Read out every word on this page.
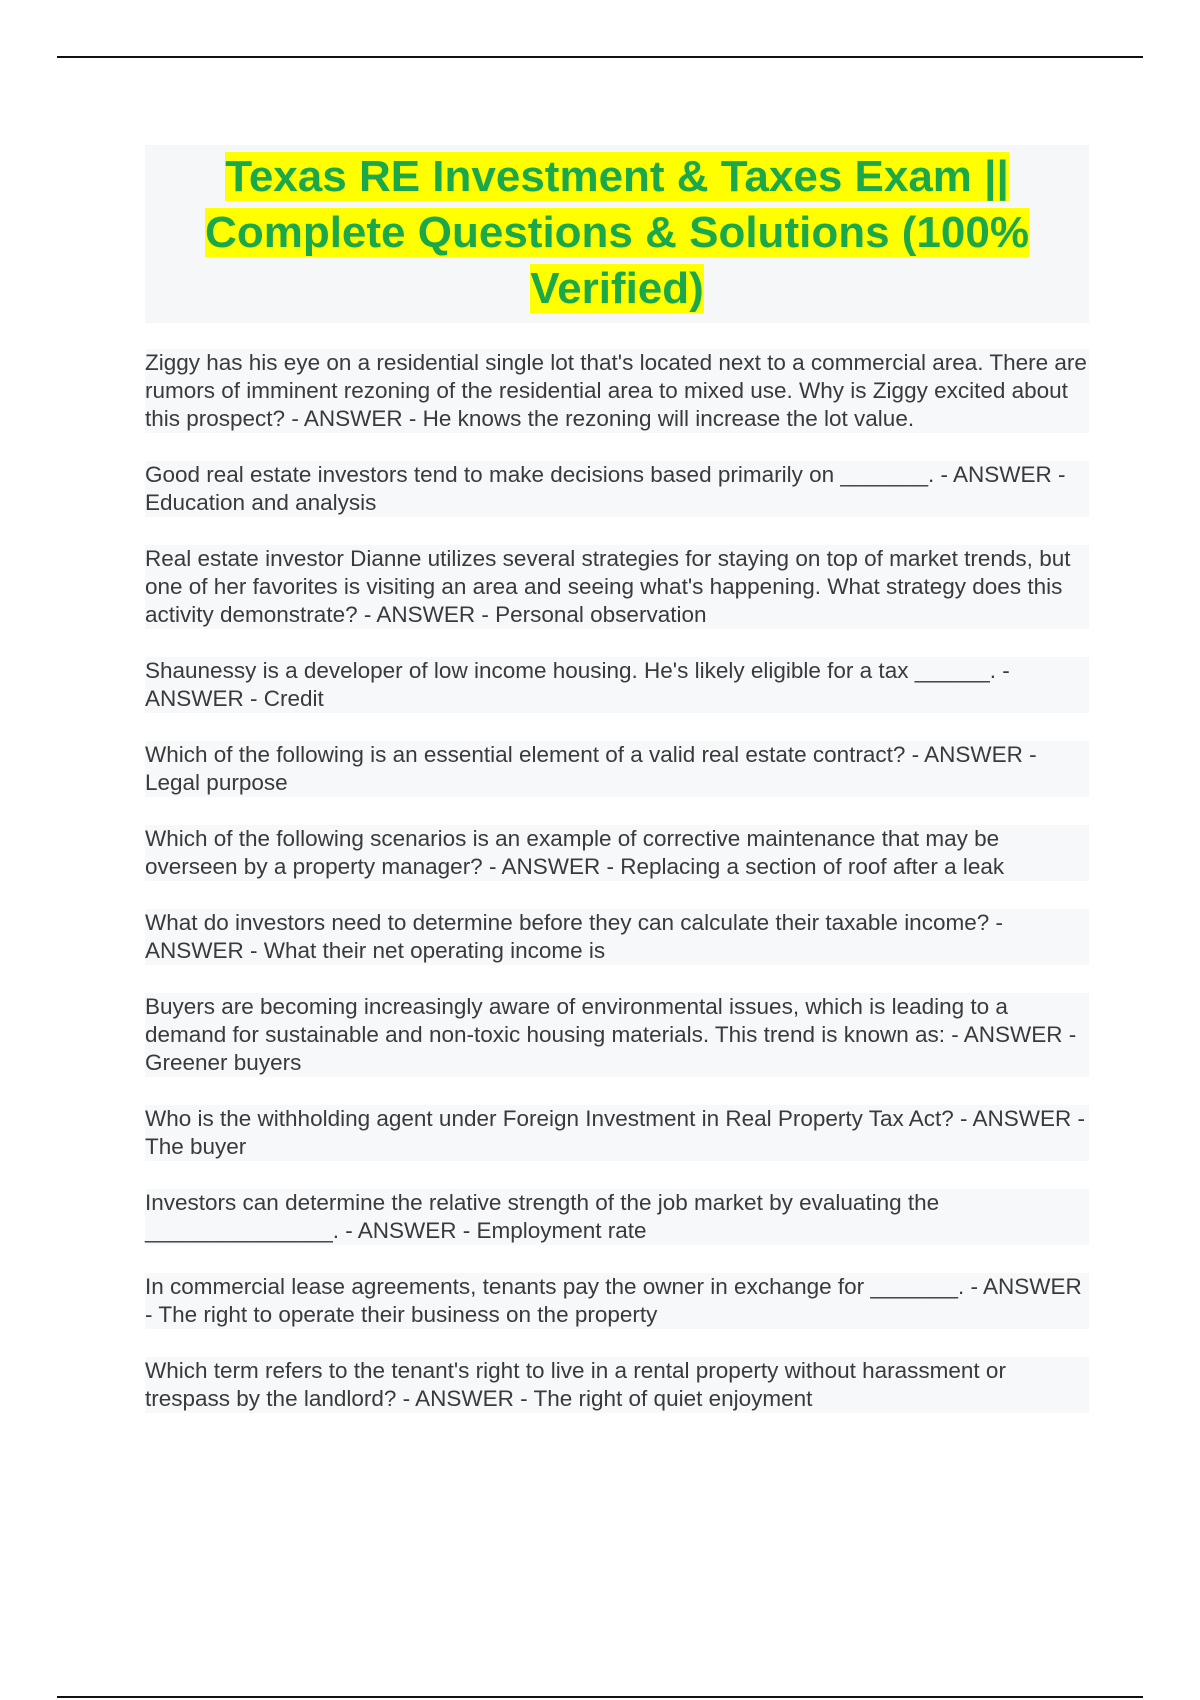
Texas RE Investment & Taxes Exam || Complete Questions & Solutions (100% Verified)

Ziggy has his eye on a residential single lot that's located next to a commercial area. There are rumors of imminent rezoning of the residential area to mixed use. Why is Ziggy excited about this prospect? - ANSWER - He knows the rezoning will increase the lot value.

Good real estate investors tend to make decisions based primarily on _______. - ANSWER - Education and analysis

Real estate investor Dianne utilizes several strategies for staying on top of market trends, but one of her favorites is visiting an area and seeing what's happening. What strategy does this activity demonstrate? - ANSWER - Personal observation

Shaunessy is a developer of low income housing. He's likely eligible for a tax ______. - ANSWER - Credit

Which of the following is an essential element of a valid real estate contract? - ANSWER - Legal purpose

Which of the following scenarios is an example of corrective maintenance that may be overseen by a property manager? - ANSWER - Replacing a section of roof after a leak

What do investors need to determine before they can calculate their taxable income? - ANSWER - What their net operating income is

Buyers are becoming increasingly aware of environmental issues, which is leading to a demand for sustainable and non-toxic housing materials. This trend is known as: - ANSWER - Greener buyers

Who is the withholding agent under Foreign Investment in Real Property Tax Act? - ANSWER - The buyer

Investors can determine the relative strength of the job market by evaluating the _______________. - ANSWER - Employment rate

In commercial lease agreements, tenants pay the owner in exchange for _______. - ANSWER - The right to operate their business on the property

Which term refers to the tenant's right to live in a rental property without harassment or trespass by the landlord? - ANSWER - The right of quiet enjoyment
